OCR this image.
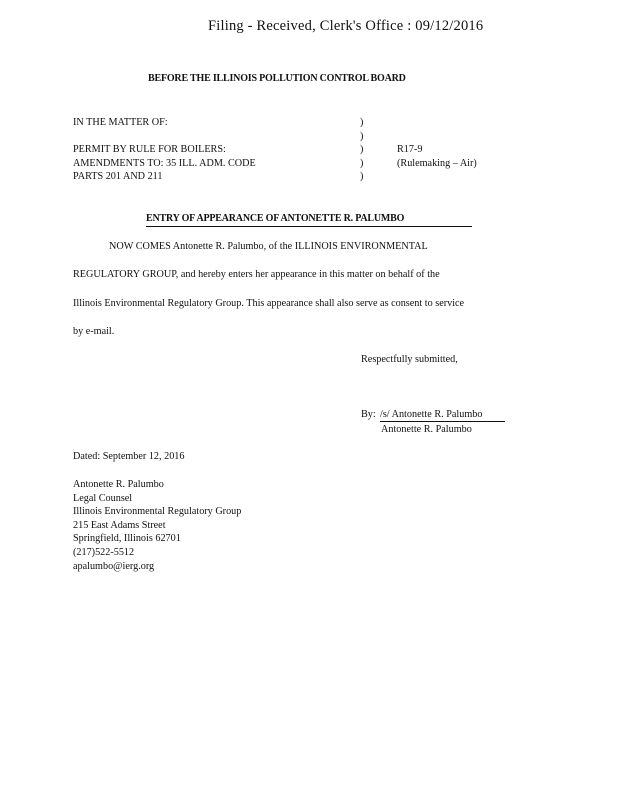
Filing - Received, Clerk's Office : 09/12/2016
BEFORE THE ILLINOIS POLLUTION CONTROL BOARD
IN THE MATTER OF:

PERMIT BY RULE FOR BOILERS:
AMENDMENTS TO: 35 ILL. ADM. CODE
PARTS 201 AND 211
)
)
)
)
)
R17-9
(Rulemaking – Air)
ENTRY OF APPEARANCE OF ANTONETTE R. PALUMBO
NOW COMES Antonette R. Palumbo, of the ILLINOIS ENVIRONMENTAL
REGULATORY GROUP, and hereby enters her appearance in this matter on behalf of the
Illinois Environmental Regulatory Group. This appearance shall also serve as consent to service
by e-mail.
Respectfully submitted,
By: /s/ Antonette R. Palumbo
Antonette R. Palumbo
Dated: September 12, 2016
Antonette R. Palumbo
Legal Counsel
Illinois Environmental Regulatory Group
215 East Adams Street
Springfield, Illinois 62701
(217)522-5512
apalumbo@ierg.org
